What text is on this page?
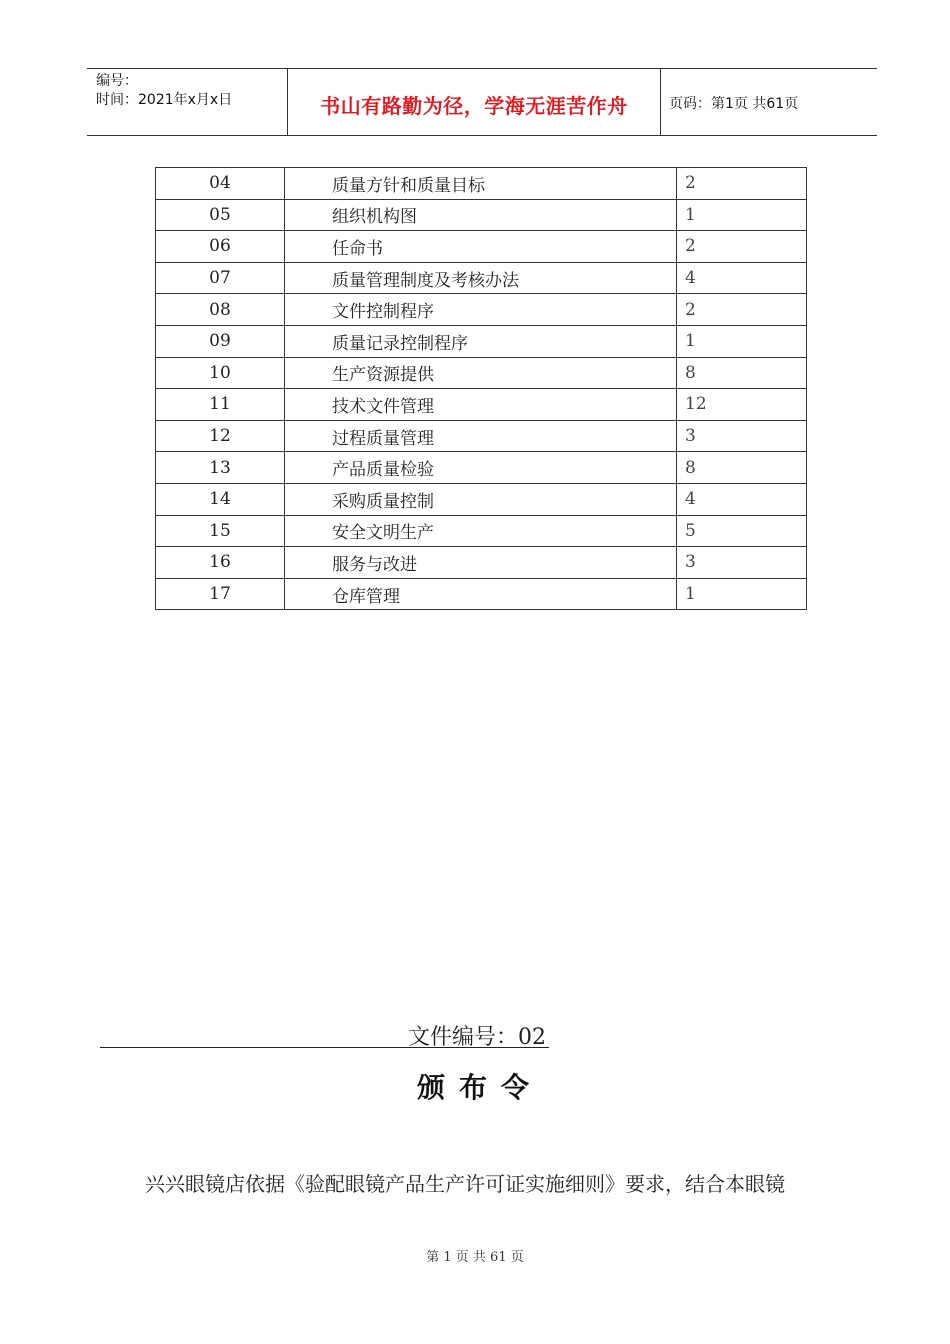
编号：
时间：2021年x月x日	书山有路勤为径，学海无涯苦作舟	页码：第1页 共61页
04	质量方针和质量目标	2
05	组织机构图	1
06	任命书	2
07	质量管理制度及考核办法	4
08	文件控制程序	2
09	质量记录控制程序	1
10	生产资源提供	8
11	技术文件管理	12
12	过程质量管理	3
13	产品质量检验	8
14	采购质量控制	4
15	安全文明生产	5
16	服务与改进	3
17	仓库管理	1
文件编号：02
颁布令
兴兴眼镜店依据《验配眼镜产品生产许可证实施细则》要求，结合本眼镜
第 1 页 共 61 页
